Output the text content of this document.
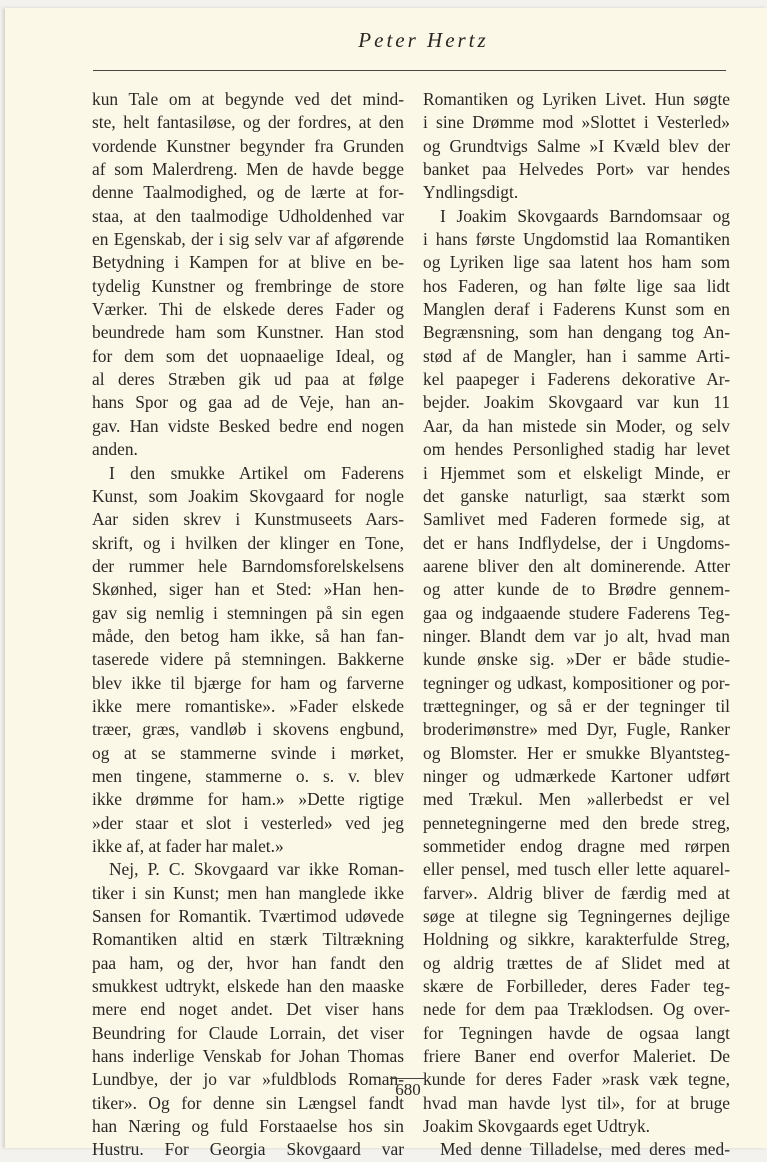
Peter Hertz
kun Tale om at begynde ved det mind-
ste, helt fantasiløse, og der fordres, at den
vordende Kunstner begynder fra Grunden
af som Malerdreng. Men de havde begge
denne Taalmodighed, og de lærte at for-
staa, at den taalmodige Udholdenhed var
en Egenskab, der i sig selv var af afgørende
Betydning i Kampen for at blive en be-
tydelig Kunstner og frembringe de store
Værker. Thi de elskede deres Fader og
beundrede ham som Kunstner. Han stod
for dem som det uopnaaelige Ideal, og
al deres Stræben gik ud paa at følge
hans Spor og gaa ad de Veje, han an-
gav. Han vidste Besked bedre end nogen
anden.
I den smukke Artikel om Faderens
Kunst, som Joakim Skovgaard for nogle
Aar siden skrev i Kunstmuseets Aars-
skrift, og i hvilken der klinger en Tone,
der rummer hele Barndomsforelskelsens
Skønhed, siger han et Sted: »Han hen-
gav sig nemlig i stemningen på sin egen
måde, den betog ham ikke, så han fan-
taserede videre på stemningen. Bakkerne
blev ikke til bjærge for ham og farverne
ikke mere romantiske». »Fader elskede
træer, græs, vandløb i skovens engbund,
og at se stammerne svinde i mørket,
men tingene, stammerne o. s. v. blev
ikke drømme for ham.» »Dette rigtige
»der staar et slot i vesterled» ved jeg
ikke af, at fader har malet.»
Nej, P. C. Skovgaard var ikke Roman-
tiker i sin Kunst; men han manglede ikke
Sansen for Romantik. Tværtimod udøvede
Romantiken altid en stærk Tiltrækning
paa ham, og der, hvor han fandt den
smukkest udtrykt, elskede han den maaske
mere end noget andet. Det viser hans
Beundring for Claude Lorrain, det viser
hans inderlige Venskab for Johan Thomas
Lundbye, der jo var »fuldblods Roman-
tiker». Og for denne sin Længsel fandt
han Næring og fuld Forstaaelse hos sin
Hustru. For Georgia Skovgaard var
Romantiken og Lyriken Livet. Hun søgte
i sine Drømme mod »Slottet i Vesterled»
og Grundtvigs Salme »I Kvæld blev der
banket paa Helvedes Port» var hendes
Yndlingsdigt.
I Joakim Skovgaards Barndomsaar og
i hans første Ungdomstid laa Romantiken
og Lyriken lige saa latent hos ham som
hos Faderen, og han følte lige saa lidt
Manglen deraf i Faderens Kunst som en
Begrænsning, som han dengang tog An-
stød af de Mangler, han i samme Arti-
kel paapeger i Faderens dekorative Ar-
bejder. Joakim Skovgaard var kun 11
Aar, da han mistede sin Moder, og selv
om hendes Personlighed stadig har levet
i Hjemmet som et elskeligt Minde, er
det ganske naturligt, saa stærkt som
Samlivet med Faderen formede sig, at
det er hans Indflydelse, der i Ungdoms-
aarene bliver den alt dominerende. Atter
og atter kunde de to Brødre gennem-
gaa og indgaaende studere Faderens Teg-
ninger. Blandt dem var jo alt, hvad man
kunde ønske sig. »Der er både studie-
tegninger og udkast, kompositioner og por-
trættegninger, og så er der tegninger til
broderimønstre» med Dyr, Fugle, Ranker
og Blomster. Her er smukke Blyantsteg-
ninger og udmærkede Kartoner udført
med Trækul. Men »allerbedst er vel
pennetegningerne med den brede streg,
sommetider endog dragne med rørpen
eller pensel, med tusch eller lette aquarel-
farver». Aldrig bliver de færdig med at
søge at tilegne sig Tegningernes dejlige
Holdning og sikkre, karakterfulde Streg,
og aldrig trættes de af Slidet med at
skære de Forbilleder, deres Fader teg-
nede for dem paa Træklodsen. Og over-
for Tegningen havde de ogsaa langt
friere Baner end overfor Maleriet. De
kunde for deres Fader »rask væk tegne,
hvad man havde lyst til», for at bruge
Joakim Skovgaards eget Udtryk.
Med denne Tilladelse, med deres med-
680
